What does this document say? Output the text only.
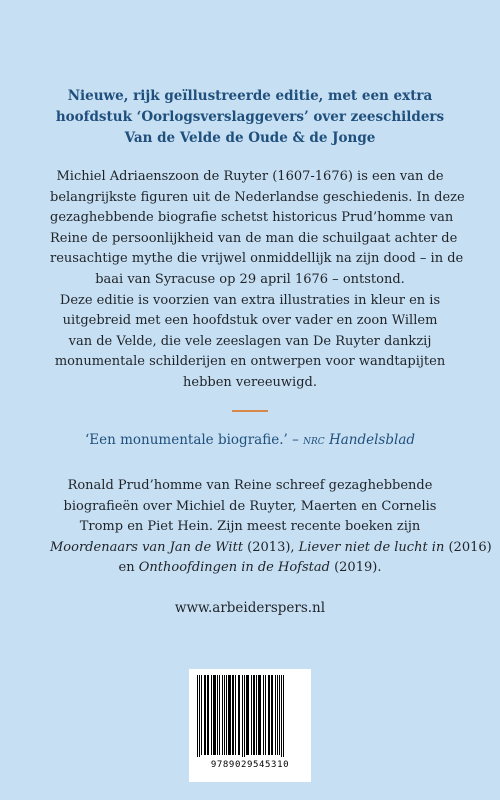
Nieuwe, rijk geïllustreerde editie, met een extra
hoofdstuk ‘Oorlogsverslaggevers’ over zeeschilders
Van de Velde de Oude & de Jonge
Michiel Adriaenszoon de Ruyter (1607-1676) is een van de
belangrijkste figuren uit de Nederlandse geschiedenis. In deze
gezaghebbende biografie schetst historicus Prud’homme van
Reine de persoonlijkheid van de man die schuilgaat achter de
reusachtige mythe die vrijwel onmiddellijk na zijn dood – in de
baai van Syracuse op 29 april 1676 – ontstond.
Deze editie is voorzien van extra illustraties in kleur en is
uitgebreid met een hoofdstuk over vader en zoon Willem
van de Velde, die vele zeeslagen van De Ruyter dankzij
monumentale schilderijen en ontwerpen voor wandtapijten
hebben vereeuwigd.
‘Een monumentale biografie.’ – nrc Handelsblad
Ronald Prud’homme van Reine schreef gezaghebbende
biografieën over Michiel de Ruyter, Maerten en Cornelis
Tromp en Piet Hein. Zijn meest recente boeken zijn
Moordenaars van Jan de Witt (2013), Liever niet de lucht in (2016)
en Onthoofdingen in de Hofstad (2019).
www.arbeiderspers.nl
9789029545310
